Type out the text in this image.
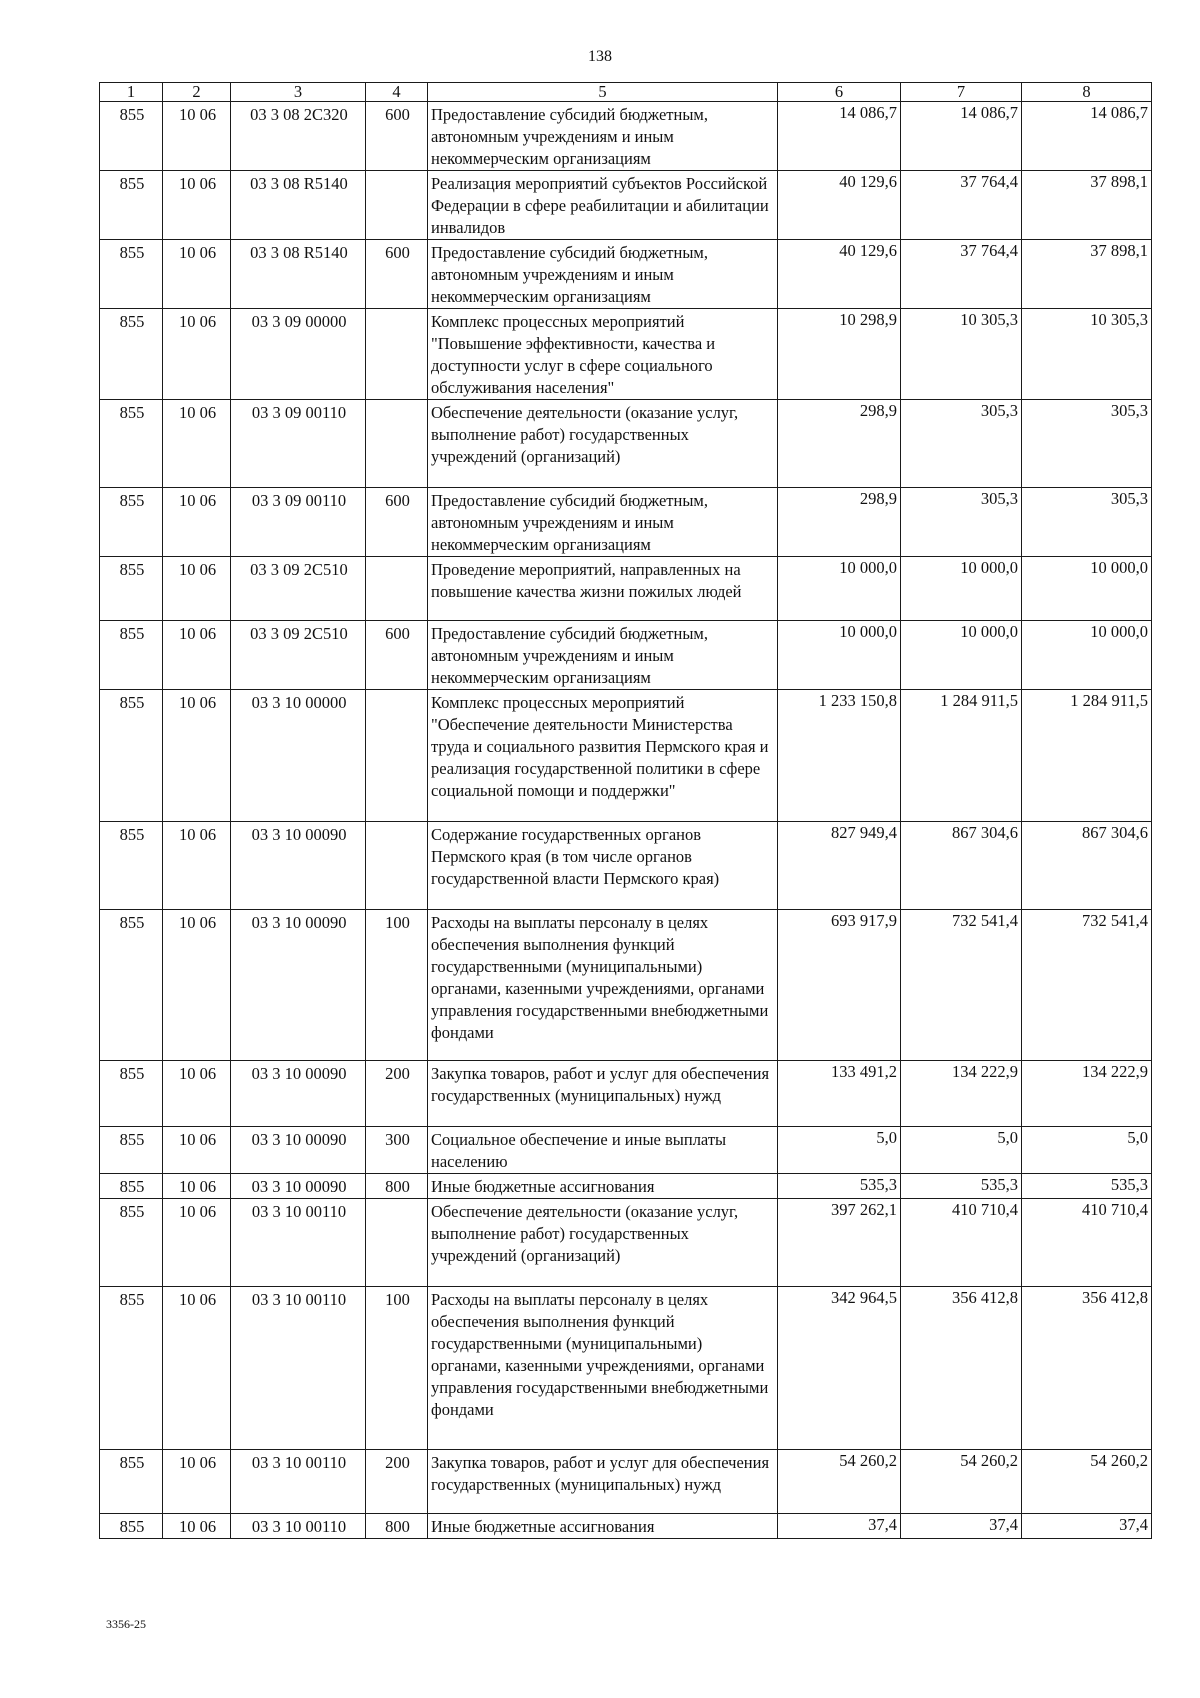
138
1	2	3	4	5	6	7	8
855	10 06	03 3 08 2С320	600	Предоставление субсидий бюджетным, автономным учреждениям и иным некоммерческим организациям	14 086,7	14 086,7	14 086,7
855	10 06	03 3 08 R5140		Реализация мероприятий субъектов Российской Федерации в сфере реабилитации и абилитации инвалидов	40 129,6	37 764,4	37 898,1
855	10 06	03 3 08 R5140	600	Предоставление субсидий бюджетным, автономным учреждениям и иным некоммерческим организациям	40 129,6	37 764,4	37 898,1
855	10 06	03 3 09 00000		Комплекс процессных мероприятий "Повышение эффективности, качества и доступности услуг в сфере социального обслуживания населения"	10 298,9	10 305,3	10 305,3
855	10 06	03 3 09 00110		Обеспечение деятельности (оказание услуг, выполнение работ) государственных учреждений (организаций)	298,9	305,3	305,3
855	10 06	03 3 09 00110	600	Предоставление субсидий бюджетным, автономным учреждениям и иным некоммерческим организациям	298,9	305,3	305,3
855	10 06	03 3 09 2С510		Проведение мероприятий, направленных на повышение качества жизни пожилых людей	10 000,0	10 000,0	10 000,0
855	10 06	03 3 09 2С510	600	Предоставление субсидий бюджетным, автономным учреждениям и иным некоммерческим организациям	10 000,0	10 000,0	10 000,0
855	10 06	03 3 10 00000		Комплекс процессных мероприятий "Обеспечение деятельности Министерства труда и социального развития Пермского края и реализация государственной политики в сфере социальной помощи и поддержки"	1 233 150,8	1 284 911,5	1 284 911,5
855	10 06	03 3 10 00090		Содержание государственных органов Пермского края (в том числе органов государственной власти Пермского края)	827 949,4	867 304,6	867 304,6
855	10 06	03 3 10 00090	100	Расходы на выплаты персоналу в целях обеспечения выполнения функций государственными (муниципальными) органами, казенными учреждениями, органами управления государственными внебюджетными фондами	693 917,9	732 541,4	732 541,4
855	10 06	03 3 10 00090	200	Закупка товаров, работ и услуг для обеспечения государственных (муниципальных) нужд	133 491,2	134 222,9	134 222,9
855	10 06	03 3 10 00090	300	Социальное обеспечение и иные выплаты населению	5,0	5,0	5,0
855	10 06	03 3 10 00090	800	Иные бюджетные ассигнования	535,3	535,3	535,3
855	10 06	03 3 10 00110		Обеспечение деятельности (оказание услуг, выполнение работ) государственных учреждений (организаций)	397 262,1	410 710,4	410 710,4
855	10 06	03 3 10 00110	100	Расходы на выплаты персоналу в целях обеспечения выполнения функций государственными (муниципальными) органами, казенными учреждениями, органами управления государственными внебюджетными фондами	342 964,5	356 412,8	356 412,8
855	10 06	03 3 10 00110	200	Закупка товаров, работ и услуг для обеспечения государственных (муниципальных) нужд	54 260,2	54 260,2	54 260,2
855	10 06	03 3 10 00110	800	Иные бюджетные ассигнования	37,4	37,4	37,4
3356-25
